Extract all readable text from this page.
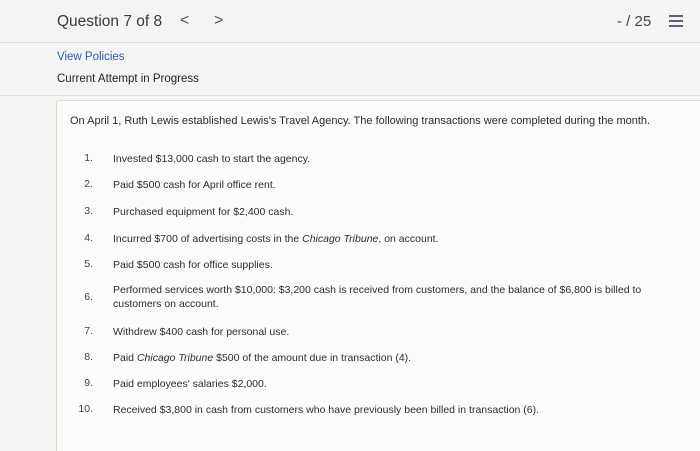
Question 7 of 8 < >	- / 25
View Policies
Current Attempt in Progress
On April 1, Ruth Lewis established Lewis's Travel Agency. The following transactions were completed during the month.
1. Invested $13,000 cash to start the agency.
2. Paid $500 cash for April office rent.
3. Purchased equipment for $2,400 cash.
4. Incurred $700 of advertising costs in the Chicago Tribune, on account.
5. Paid $500 cash for office supplies.
6.
Performed services worth $10,000: $3,200 cash is received from customers, and the balance of $6,800 is billed to customers on account.
7. Withdrew $400 cash for personal use.
8. Paid Chicago Tribune $500 of the amount due in transaction (4).
9. Paid employees' salaries $2,000.
10. Received $3,800 in cash from customers who have previously been billed in transaction (6).
